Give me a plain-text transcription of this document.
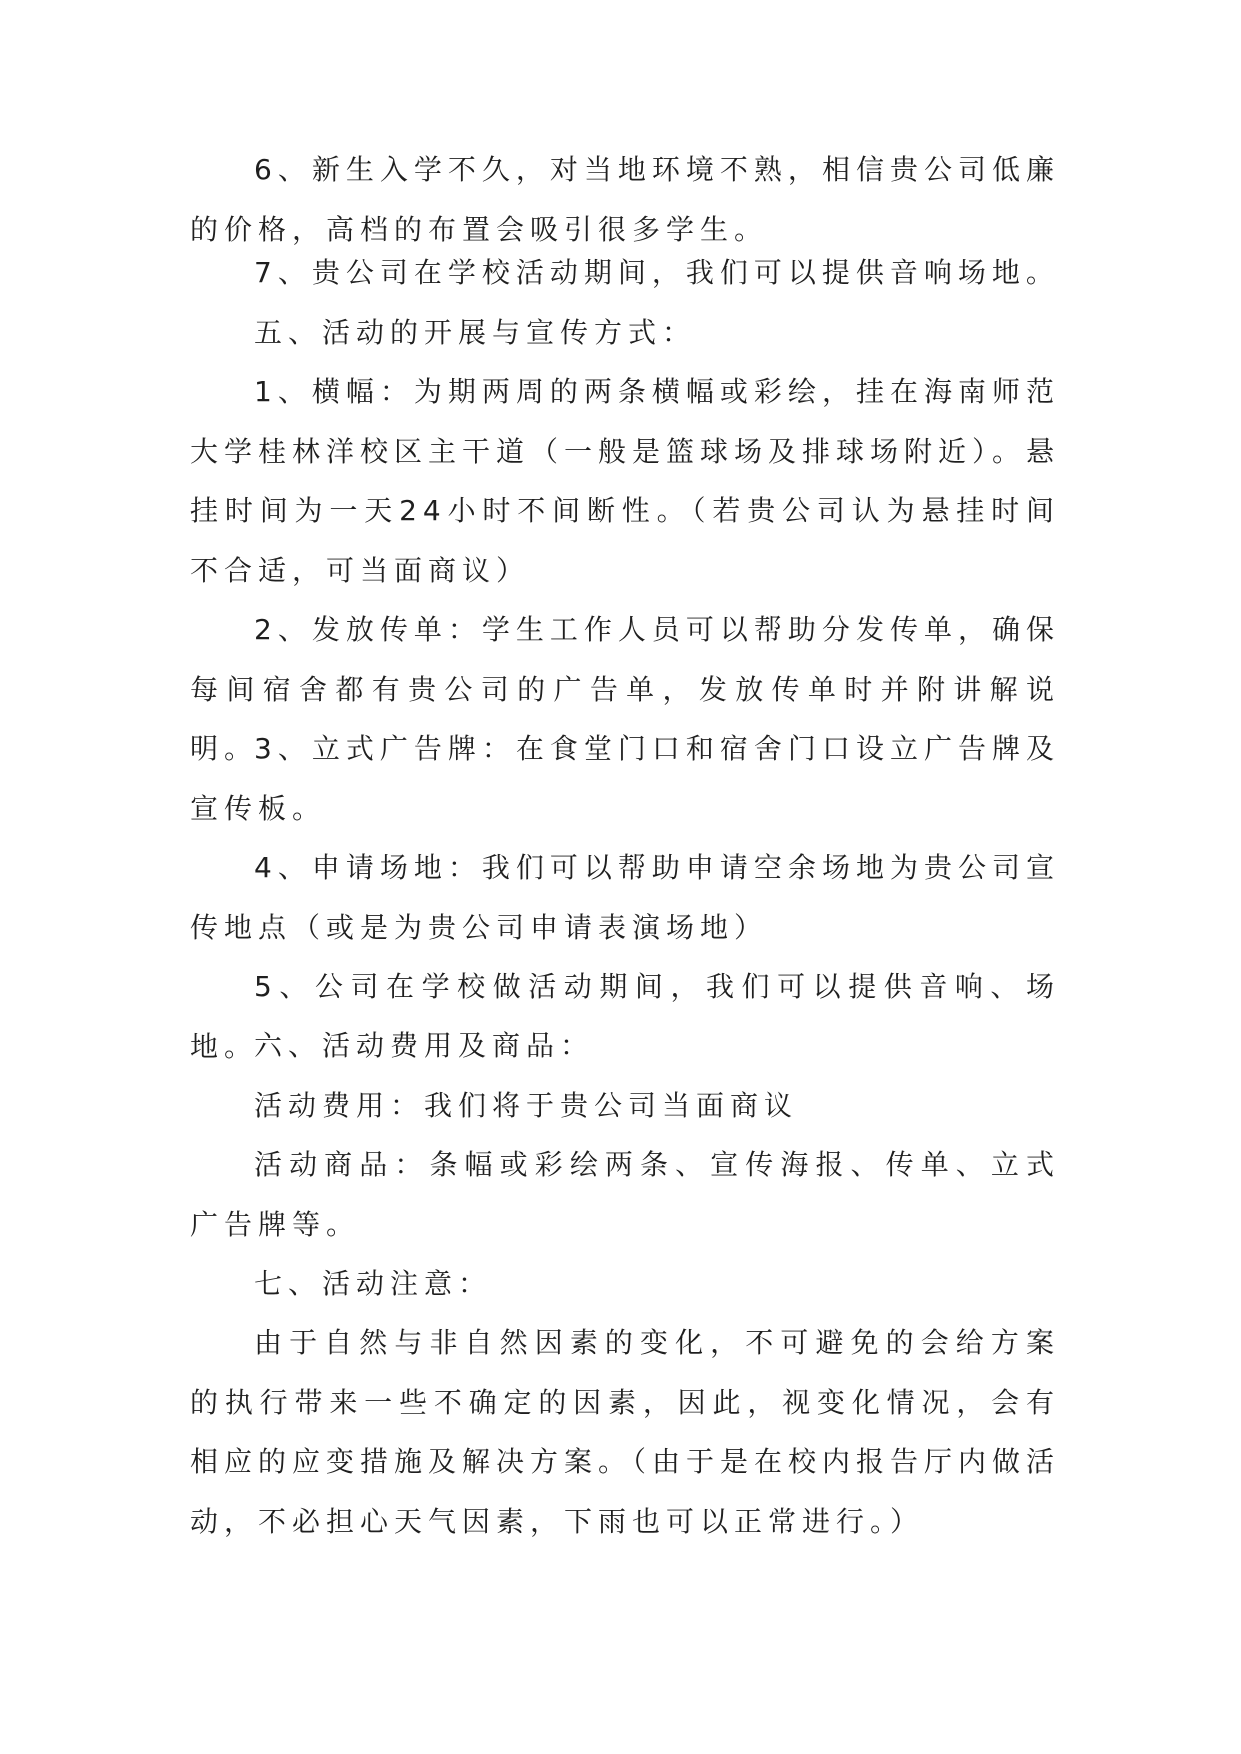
6、新生入学不久，对当地环境不熟，相信贵公司低廉的价格，高档的布置会吸引很多学生。

7、贵公司在学校活动期间，我们可以提供音响场地。

五、活动的开展与宣传方式：

1、横幅：为期两周的两条横幅或彩绘，挂在海南师范大学桂林洋校区主干道（一般是篮球场及排球场附近）。悬挂时间为一天24小时不间断性。（若贵公司认为悬挂时间不合适，可当面商议）

2、发放传单：学生工作人员可以帮助分发传单，确保每间宿舍都有贵公司的广告单，发放传单时并附讲解说明。

3、立式广告牌：在食堂门口和宿舍门口设立广告牌及宣传板。

4、申请场地：我们可以帮助申请空余场地为贵公司宣传地点（或是为贵公司申请表演场地）

5、公司在学校做活动期间，我们可以提供音响、场地。

六、活动费用及商品：

活动费用：我们将于贵公司当面商议

活动商品：条幅或彩绘两条、宣传海报、传单、立式广告牌等。

七、活动注意：

由于自然与非自然因素的变化，不可避免的会给方案的执行带来一些不确定的因素，因此，视变化情况，会有相应的应变措施及解决方案。（由于是在校内报告厅内做活动，不必担心天气因素，下雨也可以正常进行。）
